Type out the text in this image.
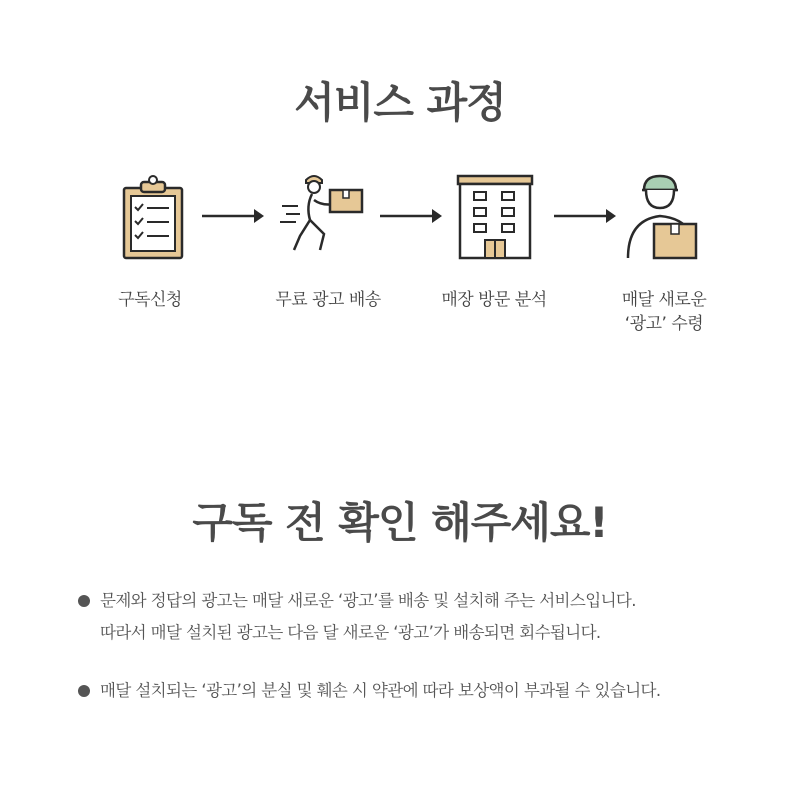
서비스 과정
구독신청	무료 광고 배송	매장 방문 분석	매달 새로운
‘광고’ 수령
구독 전 확인 해주세요!
문제와 정답의 광고는 매달 새로운 ‘광고’를 배송 및 설치해 주는 서비스입니다.
따라서 매달 설치된 광고는 다음 달 새로운 ‘광고’가 배송되면 회수됩니다.
매달 설치되는 ‘광고’의 분실 및 훼손 시 약관에 따라 보상액이 부과될 수 있습니다.
